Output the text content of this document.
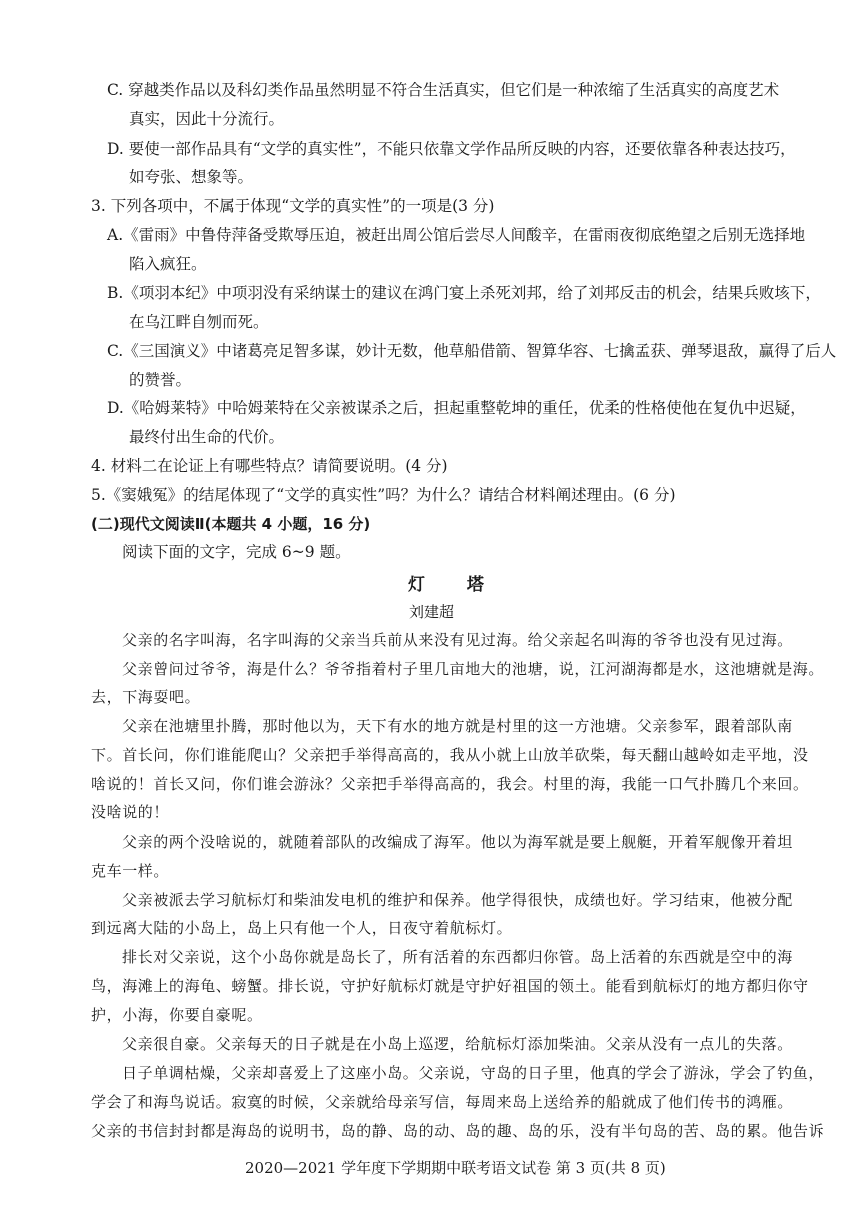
C. 穿越类作品以及科幻类作品虽然明显不符合生活真实，但它们是一种浓缩了生活真实的高度艺术
真实，因此十分流行。
D. 要使一部作品具有“文学的真实性”，不能只依靠文学作品所反映的内容，还要依靠各种表达技巧，
如夸张、想象等。
3. 下列各项中，不属于体现“文学的真实性”的一项是(3 分)
A.《雷雨》中鲁侍萍备受欺辱压迫，被赶出周公馆后尝尽人间酸辛，在雷雨夜彻底绝望之后别无选择地
陷入疯狂。
B.《项羽本纪》中项羽没有采纳谋士的建议在鸿门宴上杀死刘邦，给了刘邦反击的机会，结果兵败垓下，
在乌江畔自刎而死。
C.《三国演义》中诸葛亮足智多谋，妙计无数，他草船借箭、智算华容、七擒孟获、弹琴退敌，赢得了后人
的赞誉。
D.《哈姆莱特》中哈姆莱特在父亲被谋杀之后，担起重整乾坤的重任，优柔的性格使他在复仇中迟疑，
最终付出生命的代价。
4. 材料二在论证上有哪些特点？请简要说明。(4 分)
5.《窦娥冤》的结尾体现了“文学的真实性”吗？为什么？请结合材料阐述理由。(6 分)
(二)现代文阅读Ⅱ(本题共 4 小题，16 分)
阅读下面的文字，完成 6~9 题。
灯 塔
刘建超
父亲的名字叫海，名字叫海的父亲当兵前从来没有见过海。给父亲起名叫海的爷爷也没有见过海。
父亲曾问过爷爷，海是什么？爷爷指着村子里几亩地大的池塘，说，江河湖海都是水，这池塘就是海。
去，下海耍吧。
父亲在池塘里扑腾，那时他以为，天下有水的地方就是村里的这一方池塘。父亲参军，跟着部队南
下。首长问，你们谁能爬山？父亲把手举得高高的，我从小就上山放羊砍柴，每天翻山越岭如走平地，没
啥说的！首长又问，你们谁会游泳？父亲把手举得高高的，我会。村里的海，我能一口气扑腾几个来回。
没啥说的！
父亲的两个没啥说的，就随着部队的改编成了海军。他以为海军就是要上舰艇，开着军舰像开着坦
克车一样。
父亲被派去学习航标灯和柴油发电机的维护和保养。他学得很快，成绩也好。学习结束，他被分配
到远离大陆的小岛上，岛上只有他一个人，日夜守着航标灯。
排长对父亲说，这个小岛你就是岛长了，所有活着的东西都归你管。岛上活着的东西就是空中的海
鸟，海滩上的海龟、螃蟹。排长说，守护好航标灯就是守护好祖国的领土。能看到航标灯的地方都归你守
护，小海，你要自豪呢。
父亲很自豪。父亲每天的日子就是在小岛上巡逻，给航标灯添加柴油。父亲从没有一点儿的失落。
日子单调枯燥，父亲却喜爱上了这座小岛。父亲说，守岛的日子里，他真的学会了游泳，学会了钓鱼，
学会了和海鸟说话。寂寞的时候，父亲就给母亲写信，每周来岛上送给养的船就成了他们传书的鸿雁。
父亲的书信封封都是海岛的说明书，岛的静、岛的动、岛的趣、岛的乐，没有半句岛的苦、岛的累。他告诉
2020—2021 学年度下学期期中联考语文试卷 第 3 页(共 8 页)
